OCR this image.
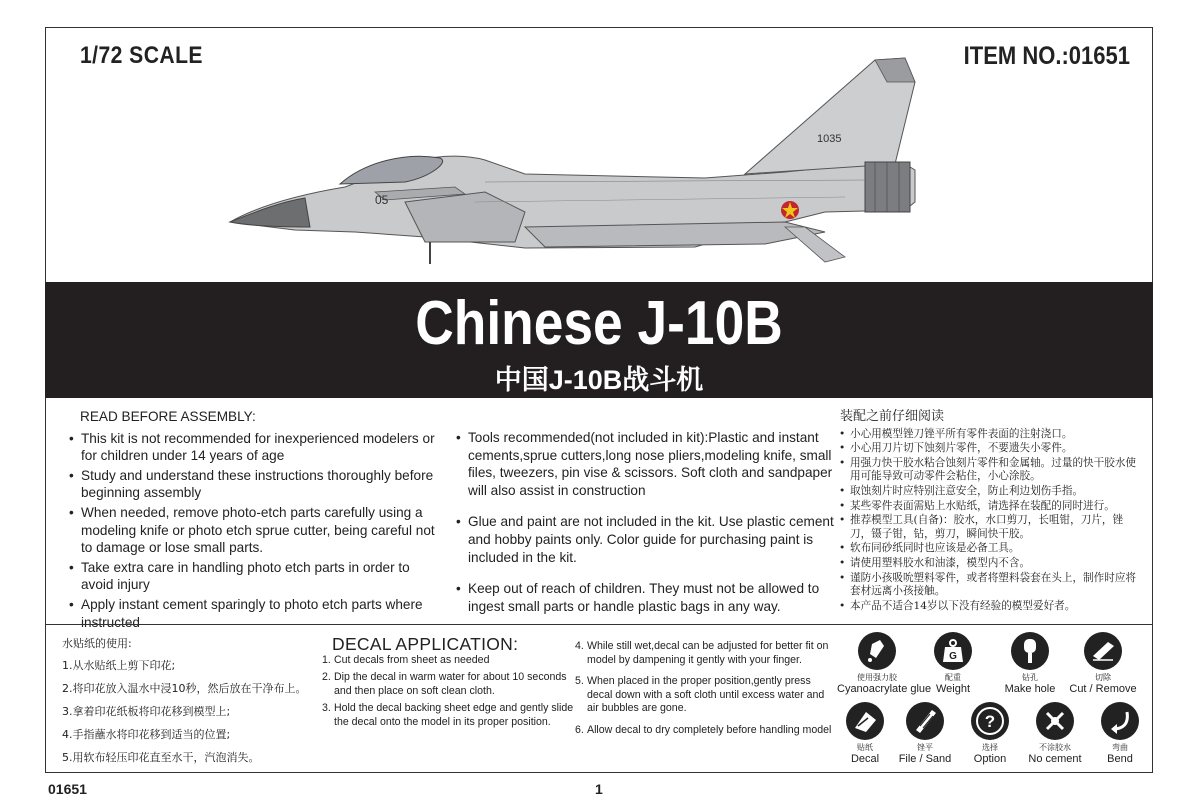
1/72 SCALE	ITEM NO.:01651
1035
05
Chinese J-10B
中国J-10B战斗机
READ BEFORE ASSEMBLY:
• This kit is not recommended for inexperienced modelers or for children under 14 years of age
• Study and understand these instructions thoroughly before beginning assembly
• When needed, remove photo-etch parts carefully using a modeling knife or photo etch sprue cutter, being careful not to damage or lose small parts.
• Take extra care in handling photo etch parts in order to avoid injury
• Apply instant cement sparingly to photo etch parts where instructed
• Tools recommended(not included in kit):Plastic and instant cements,sprue cutters,long nose pliers,modeling knife, small files, tweezers, pin vise & scissors. Soft cloth and sandpaper will also assist in construction
• Glue and paint are not included in the kit. Use plastic cement and hobby paints only. Color guide for purchasing paint is included in the kit.
• Keep out of reach of children. They must not be allowed to ingest small parts or handle plastic bags in any way.
装配之前仔细阅读
• 小心用模型锉刀锉平所有零件表面的注射浇口。
• 小心用刀片切下蚀刻片零件，不要遗失小零件。
• 用强力快干胶水粘合蚀刻片零件和金属轴。过量的快干胶水使用可能导致可动零件会粘住，小心涂胶。
• 取蚀刻片时应特别注意安全，防止利边划伤手指。
• 某些零件表面需贴上水贴纸，请选择在装配的同时进行。
• 推荐模型工具(自备)：胶水，水口剪刀，长咀钳，刀片，锉刀，镊子钳，钻，剪刀，瞬间快干胶。
• 软布同砂纸同时也应该是必备工具。
• 请使用塑料胶水和油漆，模型内不含。
• 谨防小孩吸吮塑料零件，或者将塑料袋套在头上，制作时应将套材远离小孩接触。
• 本产品不适合14岁以下没有经验的模型爱好者。
水贴纸的使用:
1.从水贴纸上剪下印花;
2.将印花放入温水中浸10秒，然后放在干净布上。
3.拿着印花纸板将印花移到模型上;
4.手指蘸水将印花移到适当的位置;
5.用软布轻压印花直至水干，汽泡消失。
DECAL APPLICATION:
1. Cut decals from sheet as needed
2. Dip the decal in warm water for about 10 seconds and then place on soft clean cloth.
3. Hold the decal backing sheet edge and gently slide the decal onto the model in its proper position.
4. While still wet,decal can be adjusted for better fit on model by dampening it gently with your finger.
5. When placed in the proper position,gently press decal down with a soft cloth until excess water and air bubbles are gone.
6. Allow decal to dry completely before handling model
使用强力胶
Cyanoacrylate glue
G
配重
Weight
钻孔
Make hole
切除
Cut / Remove
贴纸
Decal
锉平
File / Sand
?
选择
Option
不涂胶水
No cement
弯曲
Bend
01651	1
